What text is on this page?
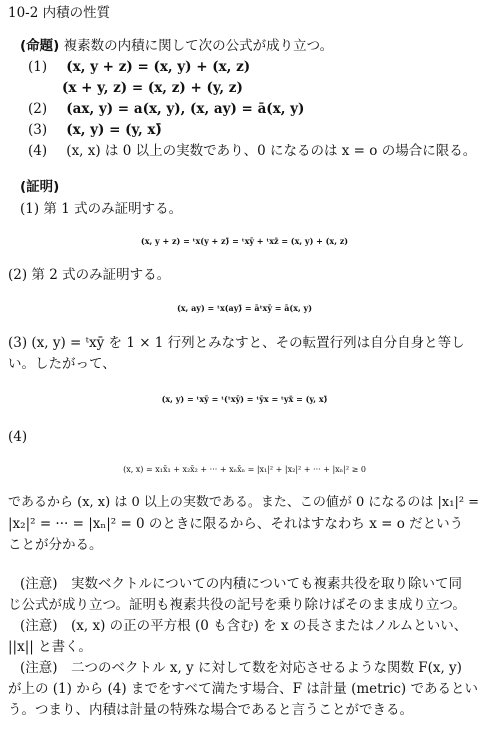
10-2 内積の性質
(命題) 複素数の内積に関して次の公式が成り立つ。
(1) (x, y + z) = (x, y) + (x, z)
(x + y, z) = (x, z) + (y, z)
(2) (ax, y) = a(x, y), (x, ay) = ā(x, y)
(3) (x, y) = (y, x)̄
(4) (x, x) は 0 以上の実数であり、0 になるのは x = o の場合に限る。
(証明)
(1) 第 1 式のみ証明する。
(x, y + z) = ᵗx(y + z)̄ = ᵗxȳ + ᵗxz̄ = (x, y) + (x, z)
(2) 第 2 式のみ証明する。
(x, ay) = ᵗx(ay)̄ = āᵗxȳ = ā(x, y)
(3) (x, y) = ᵗxȳ を 1 × 1 行列とみなすと、その転置行列は自分自身と等し
い。したがって、
(x, y) = ᵗxȳ = ᵗ(ᵗxȳ) = ᵗȳx = ᵗyx̄ = (y, x)̄
(4)
(x, x) = x₁x̄₁ + x₂x̄₂ + ··· + xₙx̄ₙ = |x₁|² + |x₂|² + ··· + |xₙ|² ≥ 0
であるから (x, x) は 0 以上の実数である。また、この値が 0 になるのは |x₁|² =
|x₂|² = ··· = |xₙ|² = 0 のときに限るから、それはすなわち x = o だという
ことが分かる。
(注意)　実数ベクトルについての内積についても複素共役を取り除いて同
じ公式が成り立つ。証明も複素共役の記号を乗り除けばそのまま成り立つ。
(注意)　(x, x) の正の平方根 (0 も含む) を x の長さまたはノルムといい、
||x|| と書く。
(注意)　二つのベクトル x, y に対して数を対応させるような関数 F(x, y)
が上の (1) から (4) までをすべて満たす場合、F は計量 (metric) であるとい
う。つまり、内積は計量の特殊な場合であると言うことができる。
